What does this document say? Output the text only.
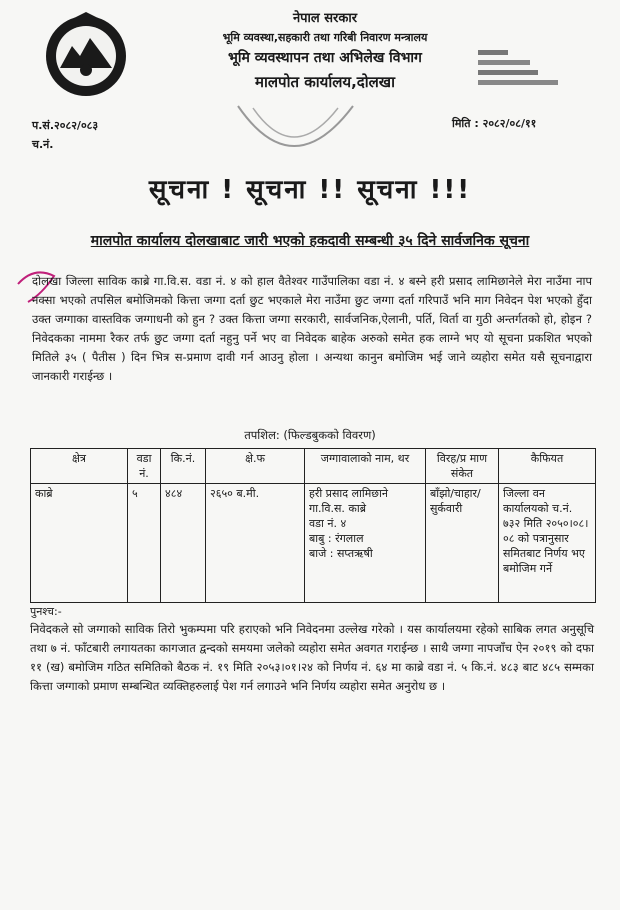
नेपाल सरकार
भूमि व्यवस्था,सहकारी तथा गरिबी निवारण मन्त्रालय
भूमि व्यवस्थापन तथा अभिलेख विभाग
मालपोत कार्यालय,दोलखा
प.सं.२०८२/०८३
च.नं.
मिति : २०८२/०८/११
सूचना ! सूचना !! सूचना !!!
मालपोत कार्यालय दोलखाबाट जारी भएको हकदावी सम्बन्धी ३५ दिने सार्वजनिक सूचना
दोलखा जिल्ला साविक काब्रे गा.वि.स. वडा नं. ४ को हाल वैतेश्वर गाउँपालिका वडा नं. ४ बस्ने हरी प्रसाद लामिछानेले मेरा नाउँमा नाप नक्सा भएको तपसिल बमोजिमको कित्ता जग्गा दर्ता छुट भएकाले मेरा नाउँमा छुट जग्गा दर्ता गरिपाउँ भनि माग निवेदन पेश भएको हुँदा उक्त जग्गाका वास्तविक जग्गाधनी को हुन ? उक्त कित्ता जग्गा सरकारी, सार्वजनिक,ऐलानी, पर्ति, विर्ता वा गुठी अन्तर्गतको हो, होइन ? निवेदकका नाममा रैकर तर्फ छुट जग्गा दर्ता नहुनु पर्ने भए वा निवेदक बाहेक अरुको समेत हक लाग्ने भए यो सूचना प्रकशित भएको मितिले ३५ ( पैतीस ) दिन भित्र स-प्रमाण दावी गर्न आउनु होला । अन्यथा कानुन बमोजिम भई जाने व्यहोरा समेत यसै सूचनाद्वारा जानकारी गराईन्छ ।
तपशिल: (फिल्डबुकको विवरण)
क्षेत्र	वडा नं.	कि.नं.	क्षे.फ	जग्गावालाको नाम, थर	विरह/प्र माण संकेत	कैफियत
काब्रे	५	४८४	२६५० ब.मी.	हरी प्रसाद लामिछाने
गा.वि.स. काब्रे
वडा नं. ४
बाबु : रंगलाल
बाजे : सप्तऋषी	बाँझो/चाहार/ सुर्कवारी	जिल्ला वन कार्यालयको च.नं. ७३२ मिति २०५०।०८।०८ को पत्रानुसार समितबाट निर्णय भए बमोजिम गर्ने
पुनश्च:-
निवेदकले सो जग्गाको साविक तिरो भुकम्पमा परि हराएको भनि निवेदनमा उल्लेख गरेको । यस कार्यालयमा रहेको साबिक लगत अनुसूचि तथा ७ नं. फाँटबारी लगायतका कागजात द्वन्दको समयमा जलेको व्यहोरा समेत अवगत गराईन्छ । साथै जग्गा नापजाँच ऐन २०१९ को दफा ११ (ख) बमोजिम गठित समितिको बैठक नं. १९ मिति २०५३।०१।२४ को निर्णय नं. ६४ मा काब्रे वडा नं. ५ कि.नं. ४८३ बाट ४८५ सम्मका कित्ता जग्गाको प्रमाण सम्बन्धित व्यक्तिहरुलाई पेश गर्न लगाउने भनि निर्णय व्यहोरा समेत अनुरोध छ ।
